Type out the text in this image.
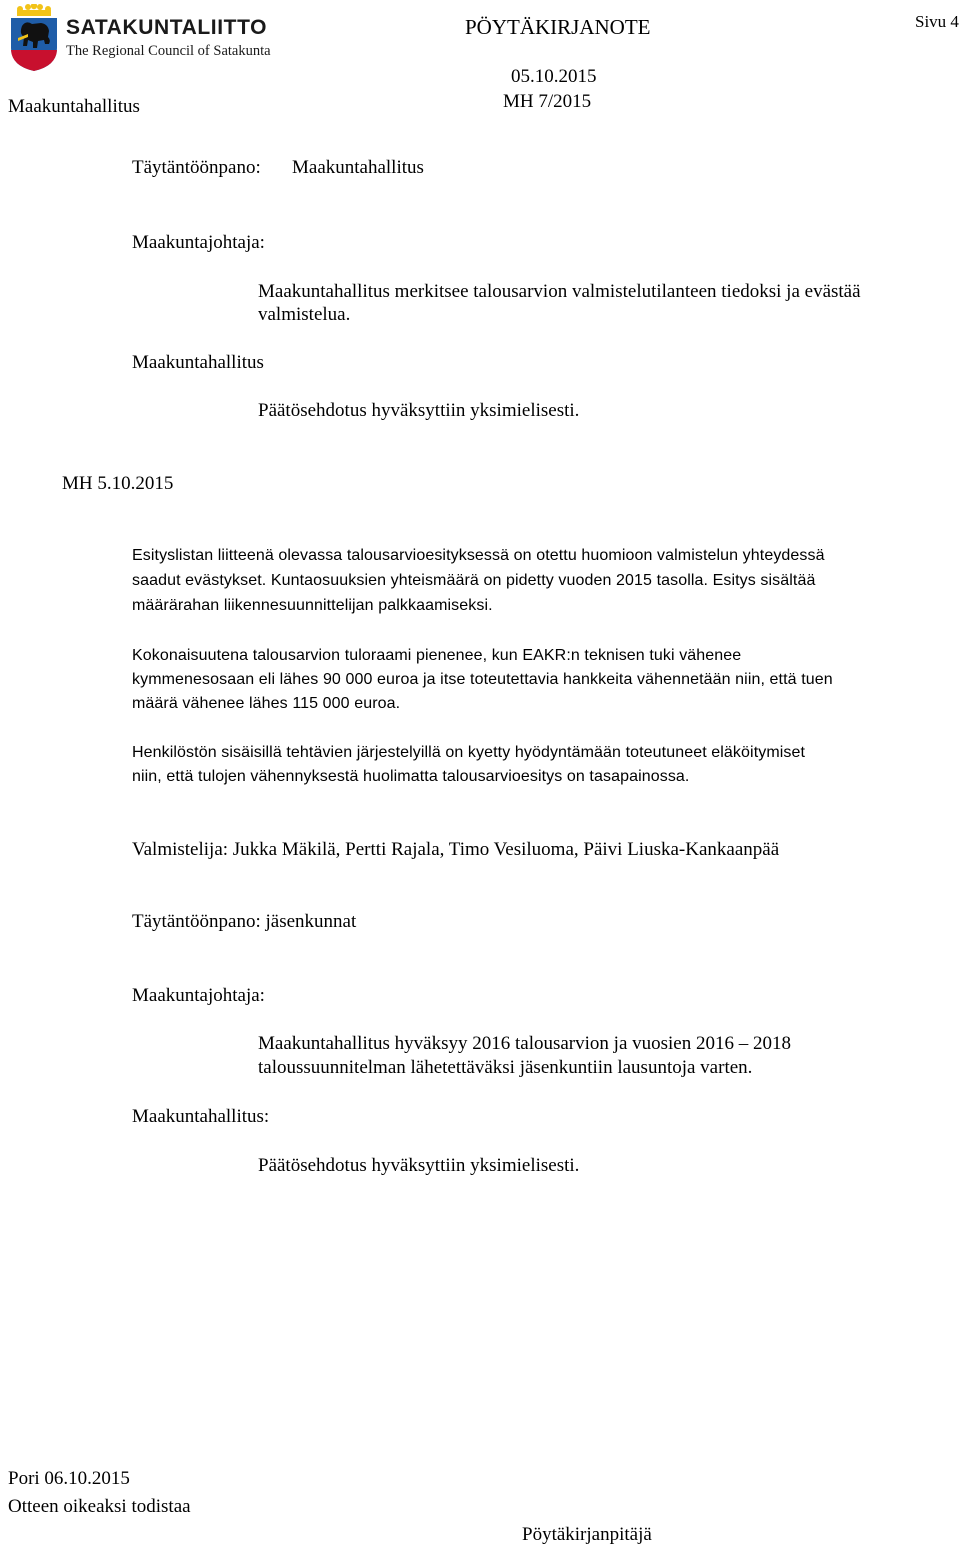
SATAKUNTALIITTO
The Regional Council of Satakunta
PÖYTÄKIRJANOTE	Sivu 4
05.10.2015
Maakuntahallitus	MH 7/2015
Täytäntöönpano: Maakuntahallitus
Maakuntajohtaja:
Maakuntahallitus merkitsee talousarvion valmistelutilanteen tiedoksi ja evästää
valmistelua.
Maakuntahallitus
Päätösehdotus hyväksyttiin yksimielisesti.
MH 5.10.2015
Esityslistan liitteenä olevassa talousarvioesityksessä on otettu huomioon valmistelun yhteydessä
saadut evästykset. Kuntaosuuksien yhteismäärä on pidetty vuoden 2015 tasolla. Esitys sisältää
määrärahan liikennesuunnittelijan palkkaamiseksi.
Kokonaisuutena talousarvion tuloraami pienenee, kun EAKR:n teknisen tuki vähenee
kymmenesosaan eli lähes 90 000 euroa ja itse toteutettavia hankkeita vähennetään niin, että tuen
määrä vähenee lähes 115 000 euroa.
Henkilöstön sisäisillä tehtävien järjestelyillä on kyetty hyödyntämään toteutuneet eläköitymiset
niin, että tulojen vähennyksestä huolimatta talousarvioesitys on tasapainossa.
Valmistelija: Jukka Mäkilä, Pertti Rajala, Timo Vesiluoma, Päivi Liuska-Kankaanpää
Täytäntöönpano: jäsenkunnat
Maakuntajohtaja:
Maakuntahallitus hyväksyy 2016 talousarvion ja vuosien 2016 – 2018
taloussuunnitelman lähetettäväksi jäsenkuntiin lausuntoja varten.
Maakuntahallitus:
Päätösehdotus hyväksyttiin yksimielisesti.
Pori 06.10.2015
Otteen oikeaksi todistaa
Pöytäkirjanpitäjä
